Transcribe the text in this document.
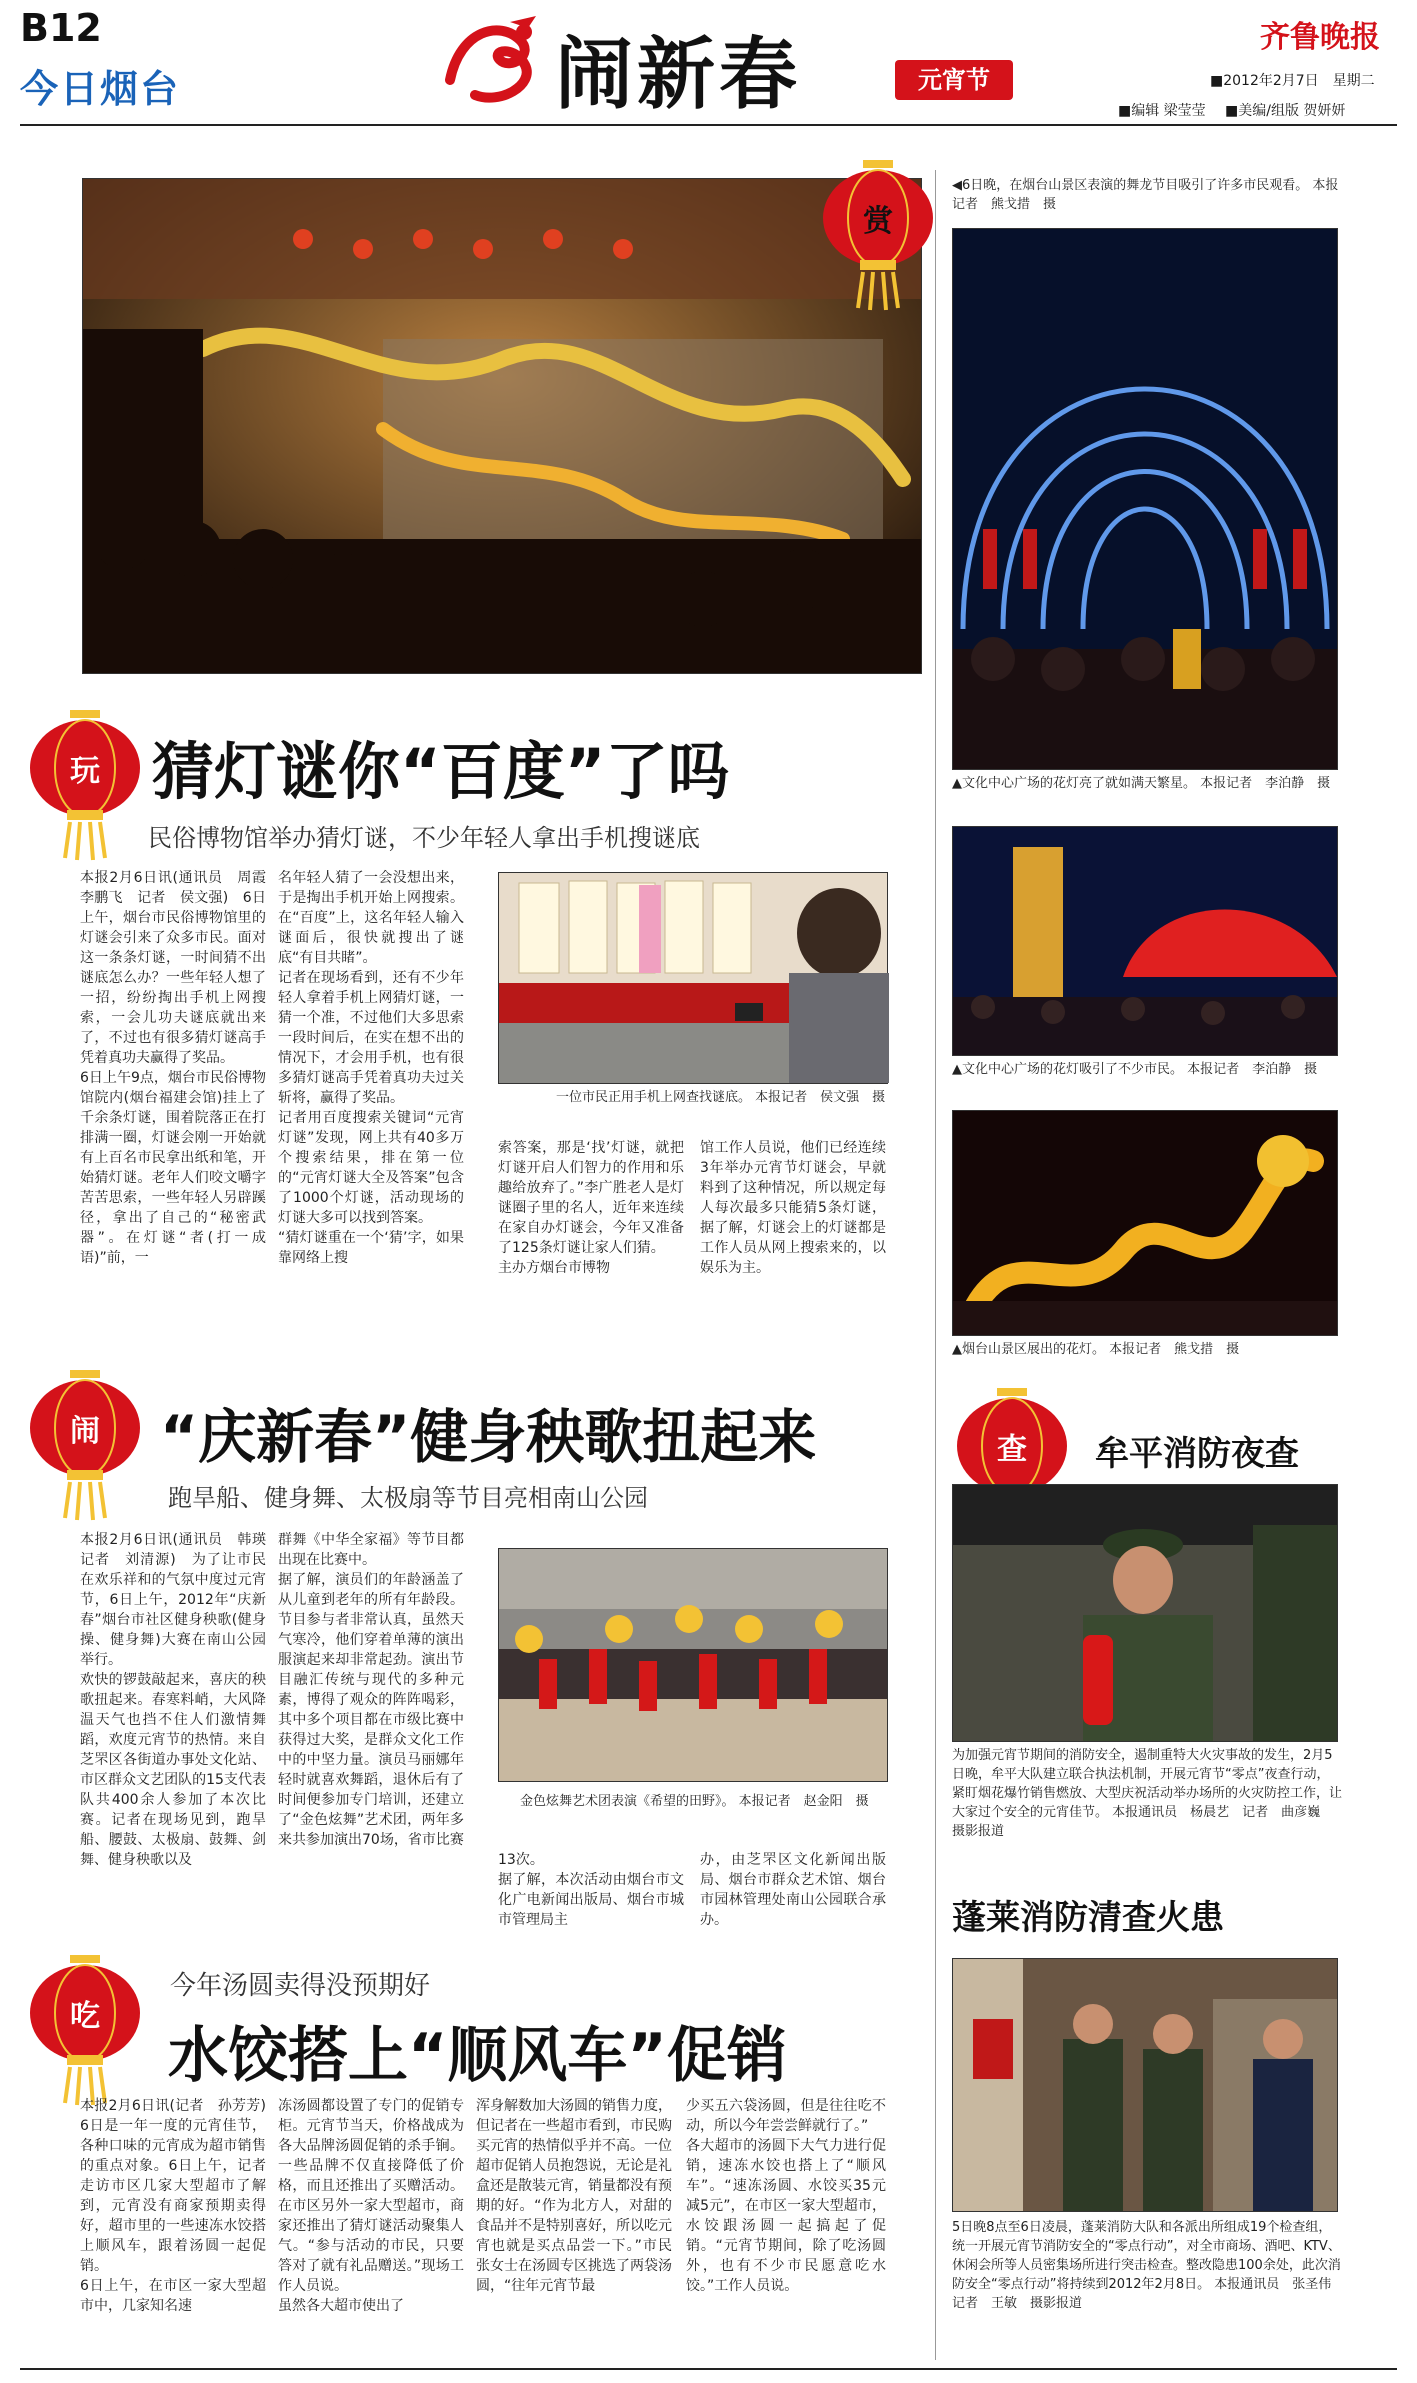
B12
今日烟台	闹新春	元宵节
齐鲁晚报
■2012年2月7日　星期二
■编辑 梁莹莹 ■美编/组版 贺妍妍
赏
玩 猜灯谜你“百度”了吗
民俗博物馆举办猜灯谜，不少年轻人拿出手机搜谜底
本报2月6日讯(通讯员　周霞　李鹏飞　记者　侯文强)　6日上午，烟台市民俗博物馆里的灯谜会引来了众多市民。面对这一条条灯谜，一时间猜不出谜底怎么办？一些年轻人想了一招，纷纷掏出手机上网搜索，一会儿功夫谜底就出来了，不过也有很多猜灯谜高手凭着真功夫赢得了奖品。
6日上午9点，烟台市民俗博物馆院内(烟台福建会馆)挂上了千余条灯谜，围着院落正在打排满一圈，灯谜会刚一开始就有上百名市民拿出纸和笔，开始猜灯谜。老年人们咬文嚼字苦苦思索，一些年轻人另辟蹊径，拿出了自己的“秘密武器”。在灯谜“者(打一成语)”前，一
名年轻人猜了一会没想出来，于是掏出手机开始上网搜索。在“百度”上，这名年轻人输入谜面后，很快就搜出了谜底“有目共睹”。
记者在现场看到，还有不少年轻人拿着手机上网猜灯谜，一猜一个准，不过他们大多思索一段时间后，在实在想不出的情况下，才会用手机，也有很多猜灯谜高手凭着真功夫过关斩将，赢得了奖品。
记者用百度搜索关键词“元宵灯谜”发现，网上共有40多万个搜索结果，排在第一位的“元宵灯谜大全及答案”包含了1000个灯谜，活动现场的灯谜大多可以找到答案。
“猜灯谜重在一个‘猜’字，如果靠网络上搜
一位市民正用手机上网查找谜底。 本报记者　侯文强　摄
索答案，那是‘找’灯谜，就把灯谜开启人们智力的作用和乐趣给放弃了。”李广胜老人是灯谜圈子里的名人，近年来连续在家自办灯谜会，今年又准备了125条灯谜让家人们猜。
主办方烟台市博物
馆工作人员说，他们已经连续3年举办元宵节灯谜会，早就料到了这种情况，所以规定每人每次最多只能猜5条灯谜，据了解，灯谜会上的灯谜都是工作人员从网上搜索来的，以娱乐为主。
闹	“庆新春”健身秧歌扭起来
跑旱船、健身舞、太极扇等节目亮相南山公园
本报2月6日讯(通讯员　韩瑛　记者　刘清源)　为了让市民在欢乐祥和的气氛中度过元宵节，6日上午，2012年“庆新春”烟台市社区健身秧歌(健身操、健身舞)大赛在南山公园举行。
欢快的锣鼓敲起来，喜庆的秧歌扭起来。春寒料峭，大风降温天气也挡不住人们激情舞蹈，欢度元宵节的热情。来自芝罘区各街道办事处文化站、市区群众文艺团队的15支代表队共400余人参加了本次比赛。记者在现场见到，跑旱船、腰鼓、太极扇、鼓舞、剑舞、健身秧歌以及
群舞《中华全家福》等节目都出现在比赛中。
据了解，演员们的年龄涵盖了从儿童到老年的所有年龄段。节目参与者非常认真，虽然天气寒冷，他们穿着单薄的演出服演起来却非常起劲。演出节目融汇传统与现代的多种元素，博得了观众的阵阵喝彩，其中多个项目都在市级比赛中获得过大奖，是群众文化工作中的中坚力量。演员马丽娜年轻时就喜欢舞蹈，退休后有了时间便参加专门培训，还建立了“金色炫舞”艺术团，两年多来共参加演出70场，省市比赛
金色炫舞艺术团表演《希望的田野》。 本报记者　赵金阳　摄
13次。
据了解，本次活动由烟台市文化广电新闻出版局、烟台市城市管理局主
办，由芝罘区文化新闻出版局、烟台市群众艺术馆、烟台市园林管理处南山公园联合承办。
吃
今年汤圆卖得没预期好
水饺搭上“顺风车”促销
本报2月6日讯(记者　孙芳芳)　6日是一年一度的元宵佳节，各种口味的元宵成为超市销售的重点对象。6日上午，记者走访市区几家大型超市了解到，元宵没有商家预期卖得好，超市里的一些速冻水饺搭上顺风车，跟着汤圆一起促销。
6日上午，在市区一家大型超市中，几家知名速
冻汤圆都设置了专门的促销专柜。元宵节当天，价格战成为各大品牌汤圆促销的杀手锏。一些品牌不仅直接降低了价格，而且还推出了买赠活动。在市区另外一家大型超市，商家还推出了猜灯谜活动聚集人气。“参与活动的市民，只要答对了就有礼品赠送。”现场工作人员说。
虽然各大超市使出了
浑身解数加大汤圆的销售力度，但记者在一些超市看到，市民购买元宵的热情似乎并不高。一位超市促销人员抱怨说，无论是礼盒还是散装元宵，销量都没有预期的好。“作为北方人，对甜的食品并不是特别喜好，所以吃元宵也就是买点品尝一下。”市民张女士在汤圆专区挑选了两袋汤圆，“往年元宵节最
少买五六袋汤圆，但是往往吃不动，所以今年尝尝鲜就行了。”
各大超市的汤圆下大气力进行促销，速冻水饺也搭上了“顺风车”。“速冻汤圆、水饺买35元减5元”，在市区一家大型超市，水饺跟汤圆一起搞起了促销。“元宵节期间，除了吃汤圆外，也有不少市民愿意吃水饺。”工作人员说。
◀6日晚，在烟台山景区表演的舞龙节目吸引了许多市民观看。 本报记者　熊戈措　摄
▲文化中心广场的花灯亮了就如满天繁星。 本报记者　李泊静　摄
▲文化中心广场的花灯吸引了不少市民。 本报记者　李泊静　摄
▲烟台山景区展出的花灯。 本报记者　熊戈措　摄
查	牟平消防夜查
为加强元宵节期间的消防安全，遏制重特大火灾事故的发生，2月5日晚，牟平大队建立联合执法机制，开展元宵节“零点”夜查行动，紧盯烟花爆竹销售燃放、大型庆祝活动举办场所的火灾防控工作，让大家过个安全的元宵佳节。 本报通讯员　杨晨艺　记者　曲彦巍　摄影报道
蓬莱消防清查火患
5日晚8点至6日凌晨，蓬莱消防大队和各派出所组成19个检查组，统一开展元宵节消防安全的“零点行动”，对全市商场、酒吧、KTV、休闲会所等人员密集场所进行突击检查。整改隐患100余处，此次消防安全“零点行动”将持续到2012年2月8日。 本报通讯员　张圣伟　记者　王敏　摄影报道
